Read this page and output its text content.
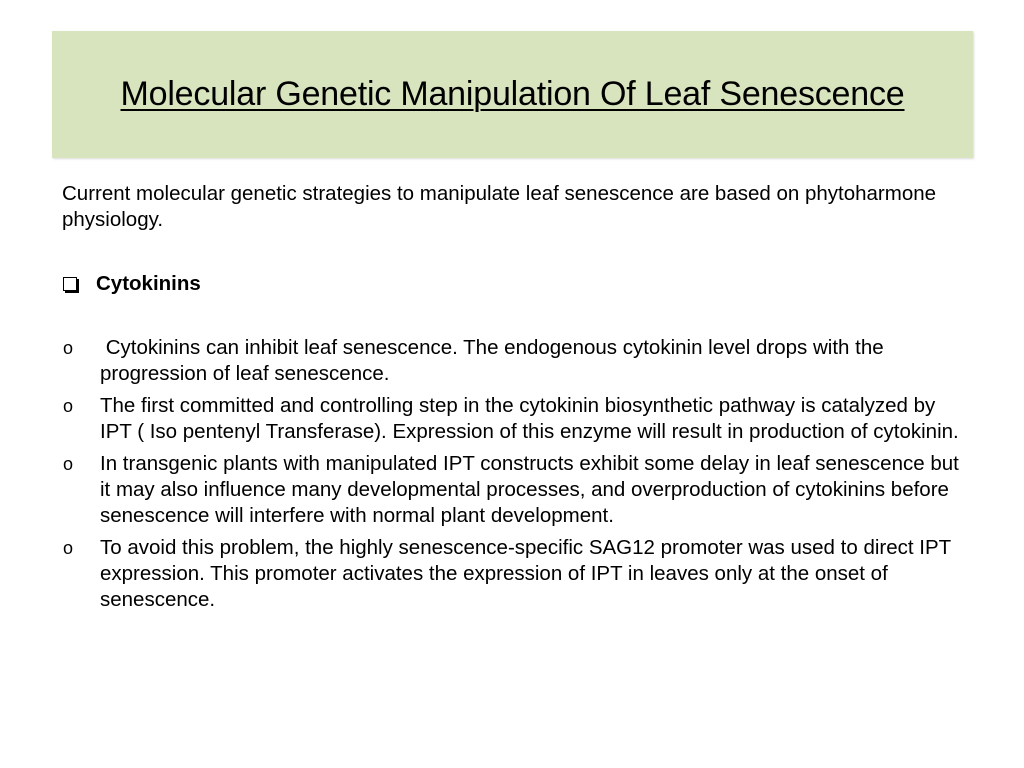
Molecular Genetic Manipulation Of Leaf Senescence

Current molecular genetic strategies to manipulate leaf senescence are based on phytoharmone physiology.

Cytokinins
o	Cytokinins can inhibit leaf senescence. The endogenous cytokinin level drops with the progression of leaf senescence.
o	The first committed and controlling step in the cytokinin biosynthetic pathway is catalyzed by IPT ( Iso pentenyl Transferase). Expression of this enzyme will result in production of cytokinin.
o	In transgenic plants with manipulated IPT constructs exhibit some delay in leaf senescence but it may also influence many developmental processes, and overproduction of cytokinins before senescence will interfere with normal plant development.
o	To avoid this problem, the highly senescence-specific SAG12 promoter was used to direct IPT expression. This promoter activates the expression of IPT in leaves only at the onset of senescence.
